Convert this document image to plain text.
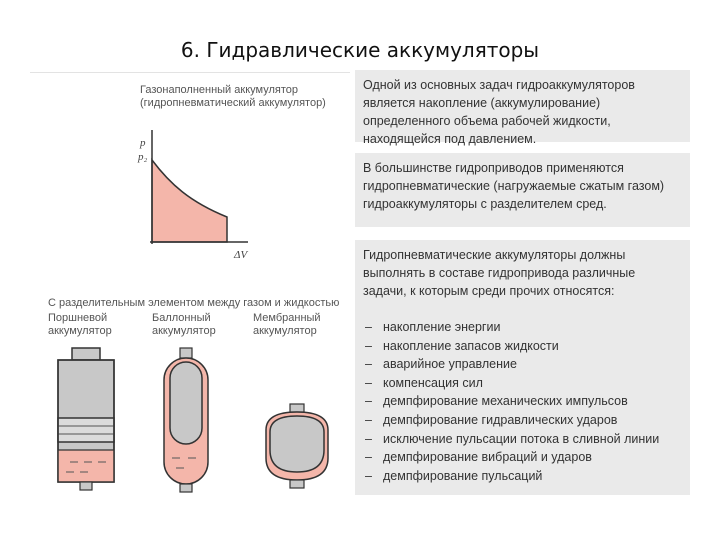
6. Гидравлические аккумуляторы
Газонаполненный аккумулятор (гидропневматический аккумулятор)
p
p₂
ΔV
С разделительным элементом между газом и жидкостью
Поршневой аккумулятор
Баллонный аккумулятор
Мембранный аккумулятор

Одной из основных задач гидроаккумуляторов является накопление (аккумулирование) определенного объема рабочей жидкости, находящейся под давлением.

В большинстве гидроприводов применяются гидропневматические (нагружаемые сжатым газом) гидроаккумуляторы с разделителем сред.

Гидропневматические аккумуляторы должны выполнять в составе гидропривода различные задачи, к которым среди прочих относятся:

– накопление энергии
– накопление запасов жидкости
– аварийное управление
– компенсация сил
– демпфирование механических импульсов
– демпфирование гидравлических ударов
– исключение пульсации потока в сливной линии
– демпфирование вибраций и ударов
– демпфирование пульсаций
